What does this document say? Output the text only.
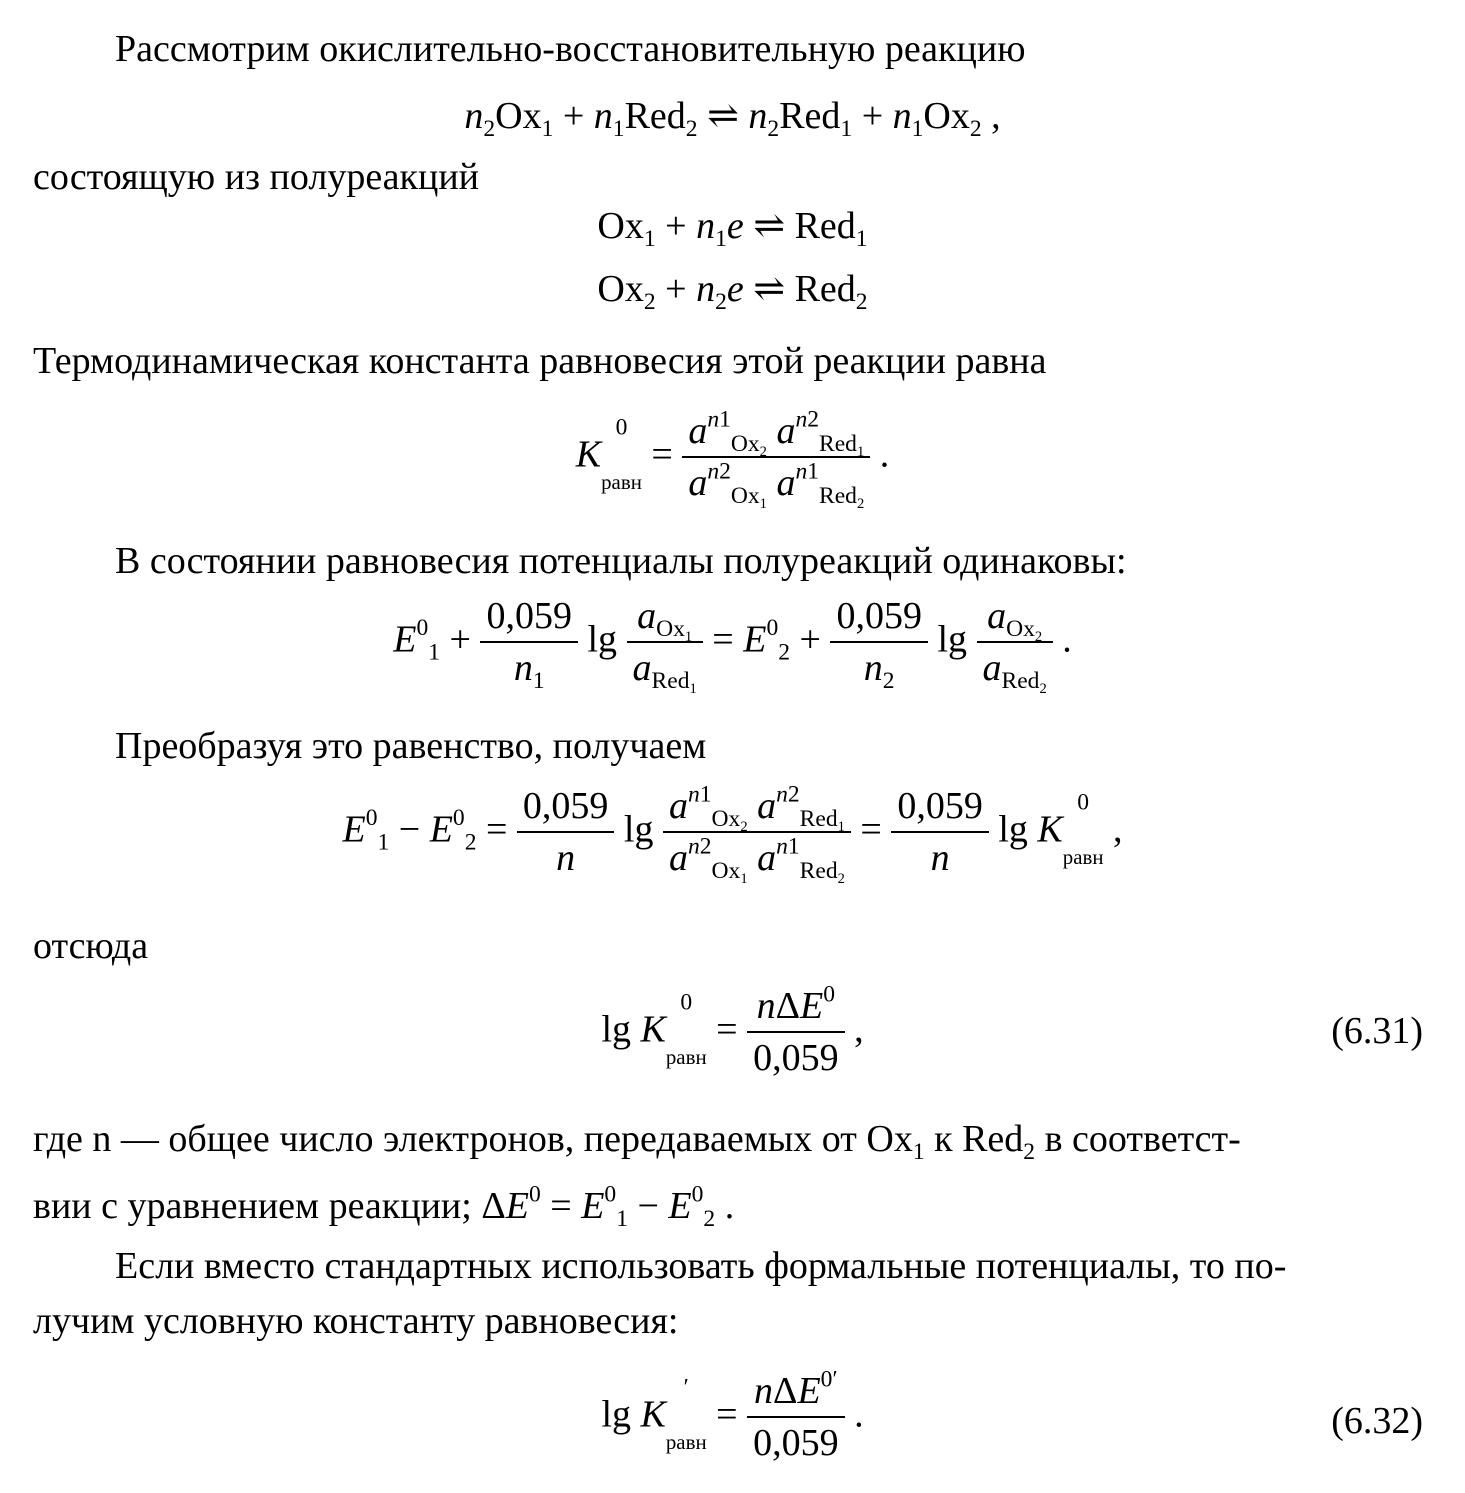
Рассмотрим окислительно-восстановительную реакцию
$n_2Ox_1 + n_1Red_2$ ⇌ $n_2Red_1 + n_1Ox_2$ ,
состоящую из полуреакций
$Ox_1 + n_1e$ ⇌ Red$_1$
$Ox_2 + n_2e$ ⇌ Red$_2$
Термодинамическая константа равновесия этой реакции равна
$K^0$
равн = $\frac{a^{n1}_{Ox_2} a^{n2}_{Red_1}}{a^{n2}_{Ox_1} a^{n1}_{Red_2}}$ .
В состоянии равновесия потенциалы полуреакций одинаковы:
$E^0_1 + \frac{0,059}{n_1}$ $\lg \frac{a_{Ox_1}}{a_{Red_1}} = E^0_2 + \frac{0,059}{n_2}$ $\lg \frac{a_{Ox_2}}{a_{Red_2}}$ .
Преобразуя это равенство, получаем
$E^0_1 - E^0_2 = \frac{0,059}{n}$ $\lg \frac{a^{n1}_{Ox_2} a^{n2}_{Red_1}}{a^{n2}_{Ox_1} a^{n1}_{Red_2}} = \frac{0,059}{n}$ $\lg K^0$
равн ,
отсюда
$\lg K^0$
равн = $\frac{n\Delta E^0}{0,059}$ ,	(6.31)
где n — общее число электронов, передаваемых от $Ox_1$ к Red$_2$ в соответст-
вии с уравнением реакции; $\Delta E^0 = E^0_1 - E^0_2$ .
Если вместо стандартных использовать формальные потенциалы, то по-
лучим условную константу равновесия:
lg K′
равн = $\frac{n\Delta E^{0'}}{0,059}$ .	(6.32)
